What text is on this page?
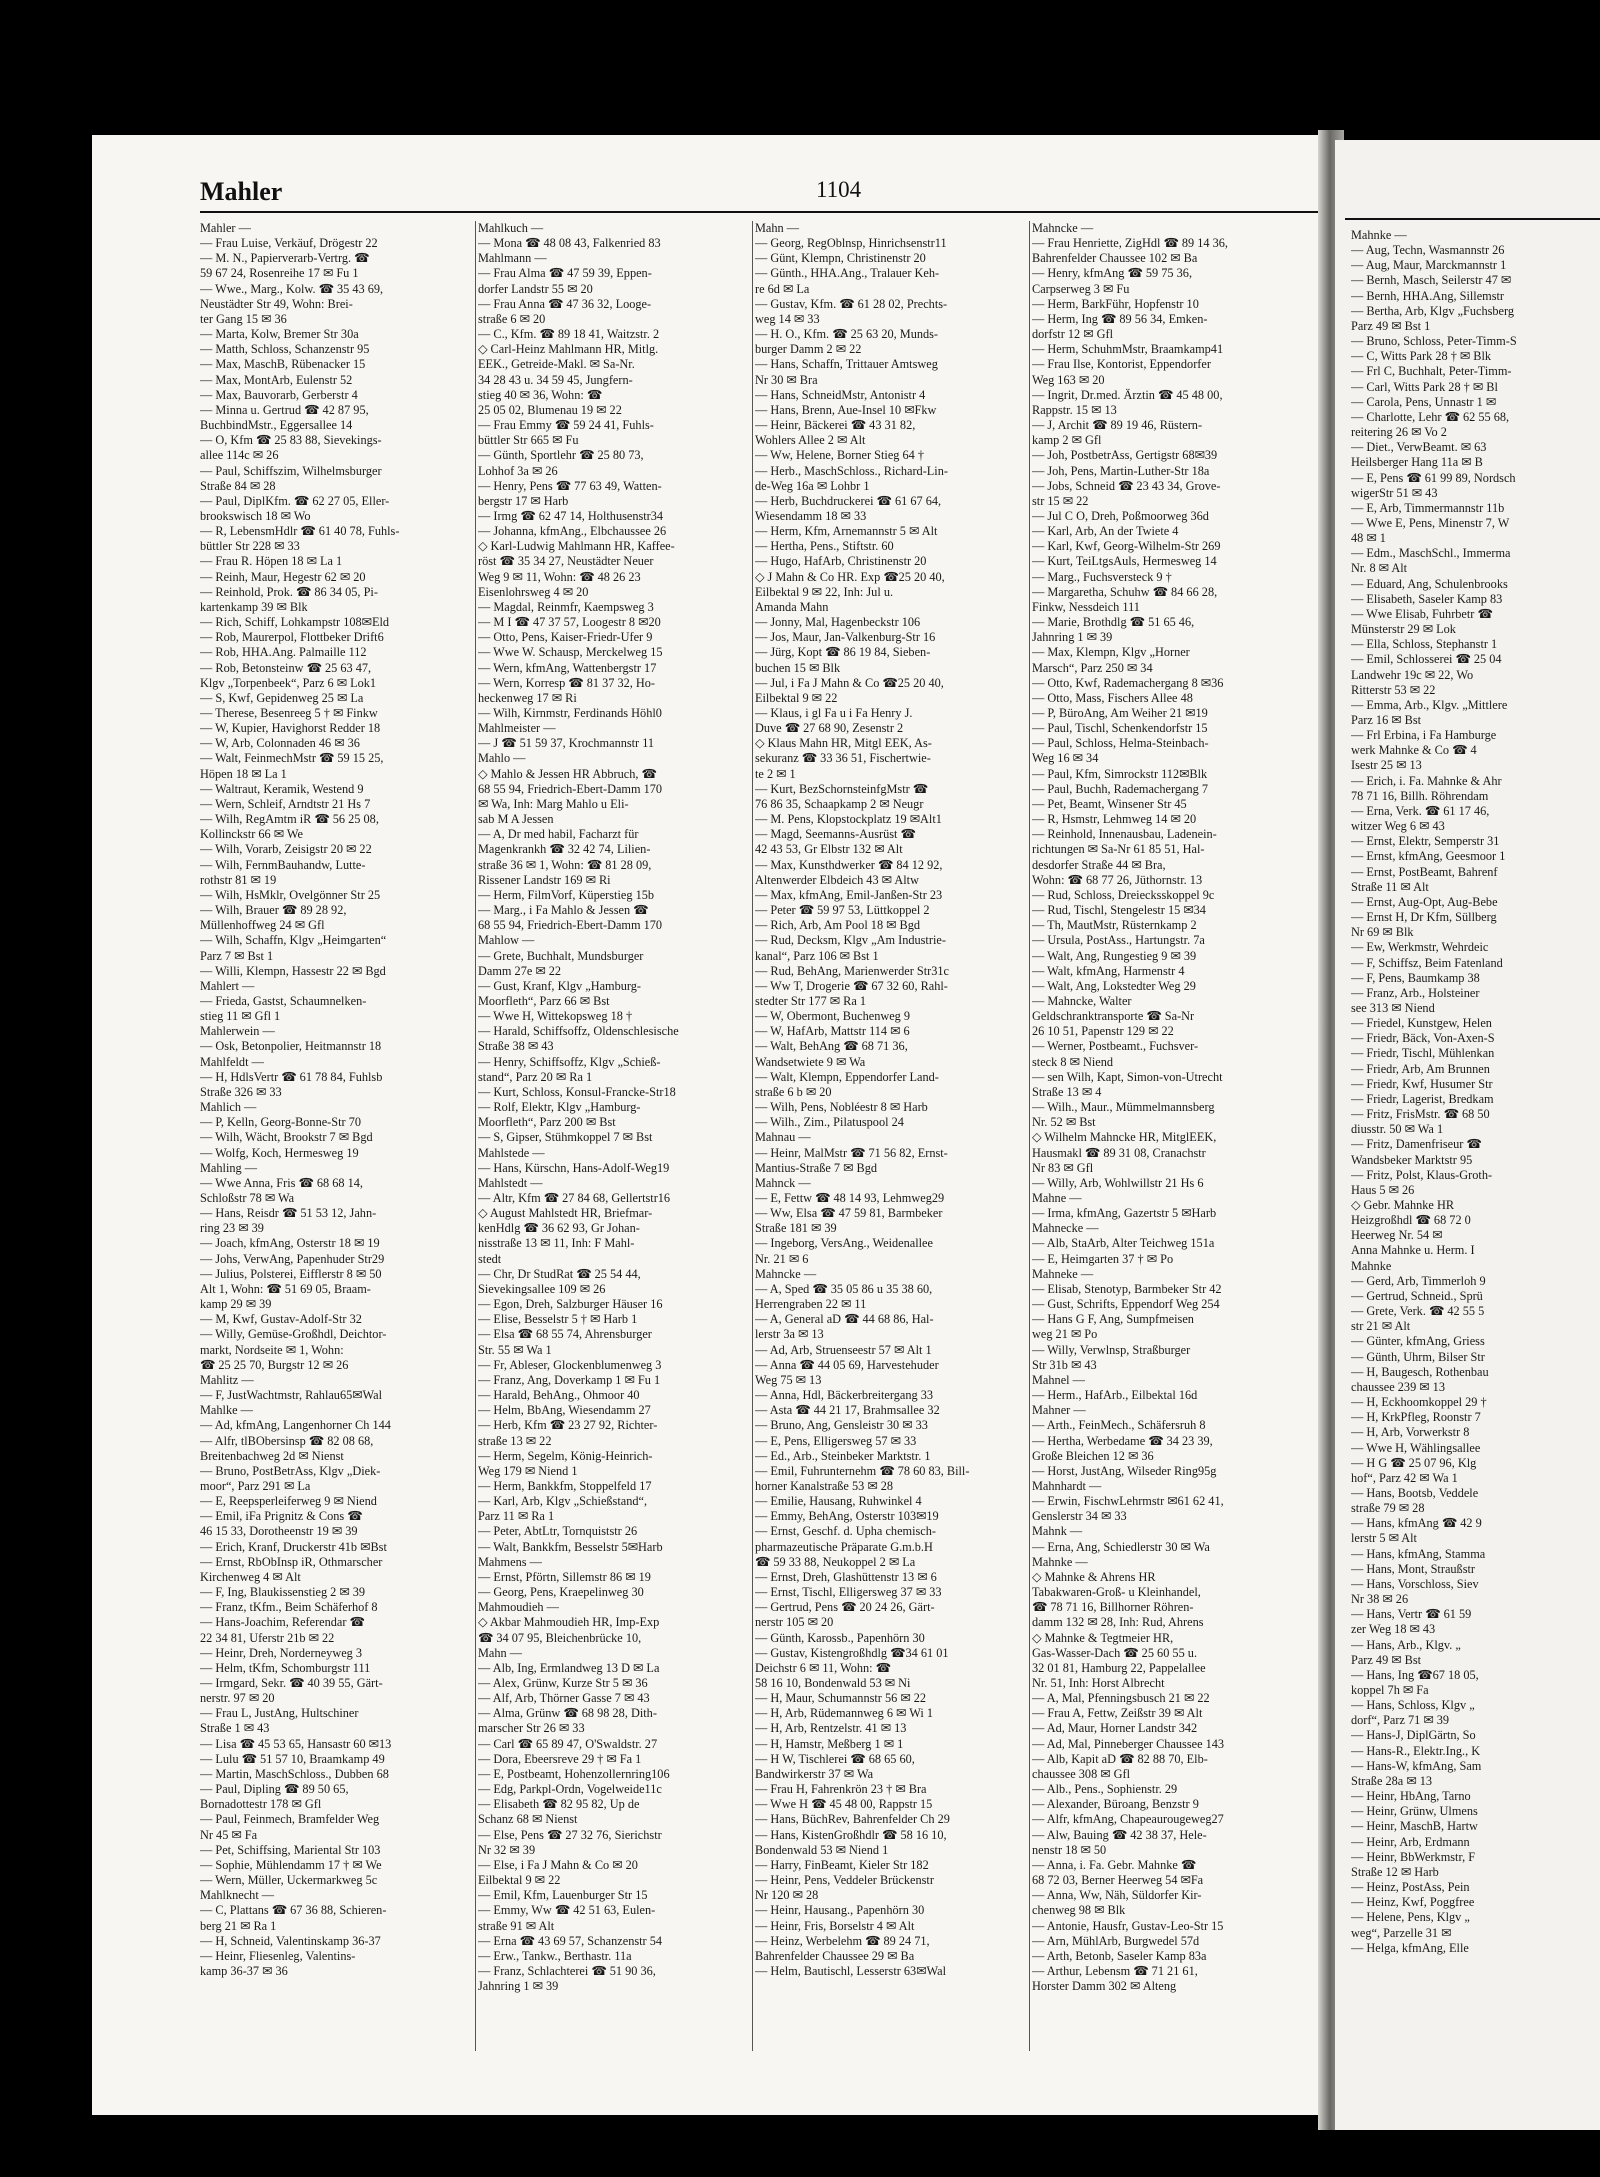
Mahler	1104
Mahler —
— Frau Luise, Verkäuf, Drögestr 22
— M. N., Papierverarb-Vertrg. ☎
59 67 24, Rosenreihe 17 ✉ Fu 1
— Wwe., Marg., Kolw. ☎ 35 43 69,
Neustädter Str 49, Wohn: Brei-
ter Gang 15 ✉ 36
— Marta, Kolw, Bremer Str 30a
— Matth, Schloss, Schanzenstr 95
— Max, MaschB, Rübenacker 15
— Max, MontArb, Eulenstr 52
— Max, Bauvorarb, Gerberstr 4
— Minna u. Gertrud ☎ 42 87 95,
BuchbindMstr., Eggersallee 14
— O, Kfm ☎ 25 83 88, Sievekings-
allee 114c ✉ 26
— Paul, Schiffszim, Wilhelmsburger
Straße 84 ✉ 28
— Paul, DiplKfm. ☎ 62 27 05, Eller-
brookswisch 18 ✉ Wo
— R, LebensmHdlr ☎ 61 40 78, Fuhls-
büttler Str 228 ✉ 33
— Frau R. Höpen 18 ✉ La 1
— Reinh, Maur, Hegestr 62 ✉ 20
— Reinhold, Prok. ☎ 86 34 05, Pi-
kartenkamp 39 ✉ Blk
— Rich, Schiff, Lohkampstr 108✉Eld
— Rob, Maurerpol, Flottbeker Drift6
— Rob, HHA.Ang. Palmaille 112
— Rob, Betonsteinw ☎ 25 63 47,
Klgv „Torpenbeek“, Parz 6 ✉ Lok1
— S, Kwf, Gepidenweg 25 ✉ La
— Therese, Besenreeg 5 † ✉ Finkw
— W, Kupier, Havighorst Redder 18
— W, Arb, Colonnaden 46 ✉ 36
— Walt, FeinmechMstr ☎ 59 15 25,
Höpen 18 ✉ La 1
— Waltraut, Keramik, Westend 9
— Wern, Schleif, Arndtstr 21 Hs 7
— Wilh, RegAmtm iR ☎ 56 25 08,
Kollinckstr 66 ✉ We
— Wilh, Vorarb, Zeisigstr 20 ✉ 22
— Wilh, FernmBauhandw, Lutte-
rothstr 81 ✉ 19
— Wilh, HsMklr, Ovelgönner Str 25
— Wilh, Brauer ☎ 89 28 92,
Müllenhoffweg 24 ✉ Gfl
— Wilh, Schaffn, Klgv „Heimgarten“
Parz 7 ✉ Bst 1
— Willi, Klempn, Hassestr 22 ✉ Bgd
Mahlert —
— Frieda, Gastst, Schaumnelken-
stieg 11 ✉ Gfl 1
Mahlerwein —
— Osk, Betonpolier, Heitmannstr 18
Mahlfeldt —
— H, HdlsVertr ☎ 61 78 84, Fuhlsb
Straße 326 ✉ 33
Mahlich —
— P, Kelln, Georg-Bonne-Str 70
— Wilh, Wächt, Brookstr 7 ✉ Bgd
— Wolfg, Koch, Hermesweg 19
Mahling —
— Wwe Anna, Fris ☎ 68 68 14,
Schloßstr 78 ✉ Wa
— Hans, Reisdr ☎ 51 53 12, Jahn-
ring 23 ✉ 39
— Joach, kfmAng, Osterstr 18 ✉ 19
— Johs, VerwAng, Papenhuder Str29
— Julius, Polsterei, Eifflerstr 8 ✉ 50
Alt 1, Wohn: ☎ 51 69 05, Braam-
kamp 29 ✉ 39
— M, Kwf, Gustav-Adolf-Str 32
— Willy, Gemüse-Großhdl, Deichtor-
markt, Nordseite ✉ 1, Wohn:
☎ 25 25 70, Burgstr 12 ✉ 26
Mahlitz —
— F, JustWachtmstr, Rahlau65✉Wal
Mahlke —
— Ad, kfmAng, Langenhorner Ch 144
— Alfr, tlBObersinsp ☎ 82 08 68,
Breitenbachweg 2d ✉ Nienst
— Bruno, PostBetrAss, Klgv „Diek-
moor“, Parz 291 ✉ La
— E, Reepsperleiferweg 9 ✉ Niend
— Emil, iFa Prignitz & Cons ☎
46 15 33, Dorotheenstr 19 ✉ 39
— Erich, Kranf, Druckerstr 41b ✉Bst
— Ernst, RbObInsp iR, Othmarscher
Kirchenweg 4 ✉ Alt
— F, Ing, Blaukissenstieg 2 ✉ 39
— Franz, tKfm., Beim Schäferhof 8
— Hans-Joachim, Referendar ☎
22 34 81, Uferstr 21b ✉ 22
— Heinr, Dreh, Norderneyweg 3
— Helm, tKfm, Schomburgstr 111
— Irmgard, Sekr. ☎ 40 39 55, Gärt-
nerstr. 97 ✉ 20
— Frau L, JustAng, Hultschiner
Straße 1 ✉ 43
— Lisa ☎ 45 53 65, Hansastr 60 ✉13
— Lulu ☎ 51 57 10, Braamkamp 49
— Martin, MaschSchloss., Dubben 68
— Paul, Dipling ☎ 89 50 65,
Bornadottestr 178 ✉ Gfl
— Paul, Feinmech, Bramfelder Weg
Nr 45 ✉ Fa
— Pet, Schiffsing, Mariental Str 103
— Sophie, Mühlendamm 17 † ✉ We
— Wern, Müller, Uckermarkweg 5c
Mahlknecht —
— C, Plattans ☎ 67 36 88, Schieren-
berg 21 ✉ Ra 1
— H, Schneid, Valentinskamp 36-37
— Heinr, Fliesenleg, Valentins-
kamp 36-37 ✉ 36
Mahlkuch —
— Mona ☎ 48 08 43, Falkenried 83
Mahlmann —
— Frau Alma ☎ 47 59 39, Eppen-
dorfer Landstr 55 ✉ 20
— Frau Anna ☎ 47 36 32, Looge-
straße 6 ✉ 20
— C., Kfm. ☎ 89 18 41, Waitzstr. 2
◇ Carl-Heinz Mahlmann HR, Mitlg.
EEK., Getreide-Makl. ✉ Sa-Nr.
34 28 43 u. 34 59 45, Jungfern-
stieg 40 ✉ 36, Wohn: ☎
25 05 02, Blumenau 19 ✉ 22
— Frau Emmy ☎ 59 24 41, Fuhls-
büttler Str 665 ✉ Fu
— Günth, Sportlehr ☎ 25 80 73,
Lohhof 3a ✉ 26
— Henry, Pens ☎ 77 63 49, Watten-
bergstr 17 ✉ Harb
— Irmg ☎ 62 47 14, Holthusenstr34
— Johanna, kfmAng., Elbchaussee 26
◇ Karl-Ludwig Mahlmann HR, Kaffee-
röst ☎ 35 34 27, Neustädter Neuer
Weg 9 ✉ 11, Wohn: ☎ 48 26 23
Eisenlohrsweg 4 ✉ 20
— Magdal, Reinmfr, Kaempsweg 3
— M I ☎ 47 37 57, Loogestr 8 ✉20
— Otto, Pens, Kaiser-Friedr-Ufer 9
— Wwe W. Schausp, Merckelweg 15
— Wern, kfmAng, Wattenbergstr 17
— Wern, Korresp ☎ 81 37 32, Ho-
heckenweg 17 ✉ Ri
— Wilh, Kirnmstr, Ferdinands Höhl0
Mahlmeister —
— J ☎ 51 59 37, Krochmannstr 11
Mahlo —
◇ Mahlo & Jessen HR Abbruch, ☎
68 55 94, Friedrich-Ebert-Damm 170
✉ Wa, Inh: Marg Mahlo u Eli-
sab M A Jessen
— A, Dr med habil, Facharzt für
Magenkrankh ☎ 32 42 74, Lilien-
straße 36 ✉ 1, Wohn: ☎ 81 28 09,
Rissener Landstr 169 ✉ Ri
— Herm, FilmVorf, Küperstieg 15b
— Marg., i Fa Mahlo & Jessen ☎
68 55 94, Friedrich-Ebert-Damm 170
Mahlow —
— Grete, Buchhalt, Mundsburger
Damm 27e ✉ 22
— Gust, Kranf, Klgv „Hamburg-
Moorfleth“, Parz 66 ✉ Bst
— Wwe H, Wittekopsweg 18 †
— Harald, Schiffsoffz, Oldenschlesische
Straße 38 ✉ 43
— Henry, Schiffsoffz, Klgv „Schieß-
stand“, Parz 20 ✉ Ra 1
— Kurt, Schloss, Konsul-Francke-Str18
— Rolf, Elektr, Klgv „Hamburg-
Moorfleth“, Parz 200 ✉ Bst
— S, Gipser, Stühmkoppel 7 ✉ Bst
Mahlstede —
— Hans, Kürschn, Hans-Adolf-Weg19
Mahlstedt —
— Altr, Kfm ☎ 27 84 68, Gellertstr16
◇ August Mahlstedt HR, Briefmar-
kenHdlg ☎ 36 62 93, Gr Johan-
nisstraße 13 ✉ 11, Inh: F Mahl-
stedt
— Chr, Dr StudRat ☎ 25 54 44,
Sievekingsallee 109 ✉ 26
— Egon, Dreh, Salzburger Häuser 16
— Elise, Besselstr 5 † ✉ Harb 1
— Elsa ☎ 68 55 74, Ahrensburger
Str. 55 ✉ Wa 1
— Fr, Ableser, Glockenblumenweg 3
— Franz, Ang, Doverkamp 1 ✉ Fu 1
— Harald, BehAng., Ohmoor 40
— Helm, BbAng, Wiesendamm 27
— Herb, Kfm ☎ 23 27 92, Richter-
straße 13 ✉ 22
— Herm, Segelm, König-Heinrich-
Weg 179 ✉ Niend 1
— Herm, Bankkfm, Stoppelfeld 17
— Karl, Arb, Klgv „Schießstand“,
Parz 11 ✉ Ra 1
— Peter, AbtLtr, Tornquiststr 26
— Walt, Bankkfm, Besselstr 5✉Harb
Mahmens —
— Ernst, Pförtn, Sillemstr 86 ✉ 19
— Georg, Pens, Kraepelinweg 30
Mahmoudieh —
◇ Akbar Mahmoudieh HR, Imp-Exp
☎ 34 07 95, Bleichenbrücke 10,
Mahn —
— Alb, Ing, Ermlandweg 13 D ✉ La
— Alex, Grünw, Kurze Str 5 ✉ 36
— Alf, Arb, Thörner Gasse 7 ✉ 43
— Alma, Grünw ☎ 68 98 28, Dith-
marscher Str 26 ✉ 33
— Carl ☎ 65 89 47, O'Swaldstr. 27
— Dora, Ebeersreve 29 † ✉ Fa 1
— E, Postbeamt, Hohenzollernring106
— Edg, Parkpl-Ordn, Vogelweide11c
— Elisabeth ☎ 82 95 82, Up de
Schanz 68 ✉ Nienst
— Else, Pens ☎ 27 32 76, Sierichstr
Nr 32 ✉ 39
— Else, i Fa J Mahn & Co ✉ 20
Eilbektal 9 ✉ 22
— Emil, Kfm, Lauenburger Str 15
— Emmy, Ww ☎ 42 51 63, Eulen-
straße 91 ✉ Alt
— Erna ☎ 43 69 57, Schanzenstr 54
— Erw., Tankw., Berthastr. 11a
— Franz, Schlachterei ☎ 51 90 36,
Jahnring 1 ✉ 39
Mahn —
— Georg, RegOblnsp, Hinrichsenstr11
— Günt, Klempn, Christinenstr 20
— Günth., HHA.Ang., Tralauer Keh-
re 6d ✉ La
— Gustav, Kfm. ☎ 61 28 02, Prechts-
weg 14 ✉ 33
— H. O., Kfm. ☎ 25 63 20, Munds-
burger Damm 2 ✉ 22
— Hans, Schaffn, Trittauer Amtsweg
Nr 30 ✉ Bra
— Hans, SchneidMstr, Antonistr 4
— Hans, Brenn, Aue-Insel 10 ✉Fkw
— Heinr, Bäckerei ☎ 43 31 82,
Wohlers Allee 2 ✉ Alt
— Ww, Helene, Borner Stieg 64 †
— Herb., MaschSchloss., Richard-Lin-
de-Weg 16a ✉ Lohbr 1
— Herb, Buchdruckerei ☎ 61 67 64,
Wiesendamm 18 ✉ 33
— Herm, Kfm, Arnemannstr 5 ✉ Alt
— Hertha, Pens., Stiftstr. 60
— Hugo, HafArb, Christinenstr 20
◇ J Mahn & Co HR. Exp ☎25 20 40,
Eilbektal 9 ✉ 22, Inh: Jul u.
Amanda Mahn
— Jonny, Mal, Hagenbeckstr 106
— Jos, Maur, Jan-Valkenburg-Str 16
— Jürg, Kopt ☎ 86 19 84, Sieben-
buchen 15 ✉ Blk
— Jul, i Fa J Mahn & Co ☎25 20 40,
Eilbektal 9 ✉ 22
— Klaus, i gl Fa u i Fa Henry J.
Duve ☎ 27 68 90, Zesenstr 2
◇ Klaus Mahn HR, Mitgl EEK, As-
sekuranz ☎ 33 36 51, Fischertwie-
te 2 ✉ 1
— Kurt, BezSchornsteinfgMstr ☎
76 86 35, Schaapkamp 2 ✉ Neugr
— M. Pens, Klopstockplatz 19 ✉Alt1
— Magd, Seemanns-Ausrüst ☎
42 43 53, Gr Elbstr 132 ✉ Alt
— Max, Kunsthdwerker ☎ 84 12 92,
Altenwerder Elbdeich 43 ✉ Altw
— Max, kfmAng, Emil-Janßen-Str 23
— Peter ☎ 59 97 53, Lüttkoppel 2
— Rich, Arb, Am Pool 18 ✉ Bgd
— Rud, Decksm, Klgv „Am Industrie-
kanal“, Parz 106 ✉ Bst 1
— Rud, BehAng, Marienwerder Str31c
— Ww T, Drogerie ☎ 67 32 60, Rahl-
stedter Str 177 ✉ Ra 1
— W, Obermont, Buchenweg 9
— W, HafArb, Mattstr 114 ✉ 6
— Walt, BehAng ☎ 68 71 36,
Wandsetwiete 9 ✉ Wa
— Walt, Klempn, Eppendorfer Land-
straße 6 b ✉ 20
— Wilh, Pens, Nobléestr 8 ✉ Harb
— Wilh., Zim., Pilatuspool 24
Mahnau —
— Heinr, MalMstr ☎ 71 56 82, Ernst-
Mantius-Straße 7 ✉ Bgd
Mahnck —
— E, Fettw ☎ 48 14 93, Lehmweg29
— Ww, Elsa ☎ 47 59 81, Barmbeker
Straße 181 ✉ 39
— Ingeborg, VersAng., Weidenallee
Nr. 21 ✉ 6
Mahncke —
— A, Sped ☎ 35 05 86 u 35 38 60,
Herrengraben 22 ✉ 11
— A, General aD ☎ 44 68 86, Hal-
lerstr 3a ✉ 13
— Ad, Arb, Struenseestr 57 ✉ Alt 1
— Anna ☎ 44 05 69, Harvestehuder
Weg 75 ✉ 13
— Anna, Hdl, Bäckerbreitergang 33
— Asta ☎ 44 21 17, Brahmsallee 32
— Bruno, Ang, Gensleistr 30 ✉ 33
— E, Pens, Elligersweg 57 ✉ 33
— Ed., Arb., Steinbeker Marktstr. 1
— Emil, Fuhrunternehm ☎ 78 60 83, Bill-
horner Kanalstraße 53 ✉ 28
— Emilie, Hausang, Ruhwinkel 4
— Emmy, BehAng, Osterstr 103✉19
— Ernst, Geschf. d. Upha chemisch-
pharmazeutische Präparate G.m.b.H
☎ 59 33 88, Neukoppel 2 ✉ La
— Ernst, Dreh, Glashüttenstr 13 ✉ 6
— Ernst, Tischl, Elligersweg 37 ✉ 33
— Gertrud, Pens ☎ 20 24 26, Gärt-
nerstr 105 ✉ 20
— Günth, Karossb., Papenhörn 30
— Gustav, Kistengroßhdlg ☎34 61 01
Deichstr 6 ✉ 11, Wohn: ☎
58 16 10, Bondenwald 53 ✉ Ni
— H, Maur, Schumannstr 56 ✉ 22
— H, Arb, Rüdemannweg 6 ✉ Wi 1
— H, Arb, Rentzelstr. 41 ✉ 13
— H, Hamstr, Meßberg 1 ✉ 1
— H W, Tischlerei ☎ 68 65 60,
Bandwirkerstr 37 ✉ Wa
— Frau H, Fahrenkrön 23 † ✉ Bra
— Wwe H ☎ 45 48 00, Rappstr 15
— Hans, BüchRev, Bahrenfelder Ch 29
— Hans, KistenGroßhdlr ☎ 58 16 10,
Bondenwald 53 ✉ Niend 1
— Harry, FinBeamt, Kieler Str 182
— Heinr, Pens, Veddeler Brückenstr
Nr 120 ✉ 28
— Heinr, Hausang., Papenhörn 30
— Heinr, Fris, Borselstr 4 ✉ Alt
— Heinz, Werbelehm ☎ 89 24 71,
Bahrenfelder Chaussee 29 ✉ Ba
— Helm, Bautischl, Lesserstr 63✉Wal
Mahncke —
— Frau Henriette, ZigHdl ☎ 89 14 36,
Bahrenfelder Chaussee 102 ✉ Ba
— Henry, kfmAng ☎ 59 75 36,
Carpserweg 3 ✉ Fu
— Herm, BarkFühr, Hopfenstr 10
— Herm, Ing ☎ 89 56 34, Emken-
dorfstr 12 ✉ Gfl
— Herm, SchuhmMstr, Braamkamp41
— Frau Ilse, Kontorist, Eppendorfer
Weg 163 ✉ 20
— Ingrit, Dr.med. Ärztin ☎ 45 48 00,
Rappstr. 15 ✉ 13
— J, Archit ☎ 89 19 46, Rüstern-
kamp 2 ✉ Gfl
— Joh, PostbetrAss, Gertigstr 68✉39
— Joh, Pens, Martin-Luther-Str 18a
— Jobs, Schneid ☎ 23 43 34, Grove-
str 15 ✉ 22
— Jul C O, Dreh, Poßmoorweg 36d
— Karl, Arb, An der Twiete 4
— Karl, Kwf, Georg-Wilhelm-Str 269
— Kurt, TeiLtgsAuls, Hermesweg 14
— Marg., Fuchsversteck 9 †
— Margaretha, Schuhw ☎ 84 66 28,
Finkw, Nessdeich 111
— Marie, Brothdlg ☎ 51 65 46,
Jahnring 1 ✉ 39
— Max, Klempn, Klgv „Horner
Marsch“, Parz 250 ✉ 34
— Otto, Kwf, Rademachergang 8 ✉36
— Otto, Mass, Fischers Allee 48
— P, BüroAng, Am Weiher 21 ✉19
— Paul, Tischl, Schenkendorfstr 15
— Paul, Schloss, Helma-Steinbach-
Weg 16 ✉ 34
— Paul, Kfm, Simrockstr 112✉Blk
— Paul, Buchh, Rademachergang 7
— Pet, Beamt, Winsener Str 45
— R, Hsmstr, Lehmweg 14 ✉ 20
— Reinhold, Innenausbau, Ladenein-
richtungen ✉ Sa-Nr 61 85 51, Hal-
desdorfer Straße 44 ✉ Bra,
Wohn: ☎ 68 77 26, Jüthornstr. 13
— Rud, Schloss, Dreiecksskoppel 9c
— Rud, Tischl, Stengelestr 15 ✉34
— Th, MautMstr, Rüsternkamp 2
— Ursula, PostAss., Hartungstr. 7a
— Walt, Ang, Rungestieg 9 ✉ 39
— Walt, kfmAng, Harmenstr 4
— Walt, Ang, Lokstedter Weg 29
— Mahncke, Walter
Geldschranktransporte ☎ Sa-Nr
26 10 51, Papenstr 129 ✉ 22
— Werner, Postbeamt., Fuchsver-
steck 8 ✉ Niend
— sen Wilh, Kapt, Simon-von-Utrecht
Straße 13 ✉ 4
— Wilh., Maur., Mümmelmannsberg
Nr. 52 ✉ Bst
◇ Wilhelm Mahncke HR, MitglEEK,
Hausmakl ☎ 89 31 08, Cranachstr
Nr 83 ✉ Gfl
— Willy, Arb, Wohlwillstr 21 Hs 6
Mahne —
— Irma, kfmAng, Gazertstr 5 ✉Harb
Mahnecke —
— Alb, StaArb, Alter Teichweg 151a
— E, Heimgarten 37 † ✉ Po
Mahneke —
— Elisab, Stenotyp, Barmbeker Str 42
— Gust, Schrifts, Eppendorf Weg 254
— Hans G F, Ang, Sumpfmeisen
weg 21 ✉ Po
— Willy, Verwlnsp, Straßburger
Str 31b ✉ 43
Mahnel —
— Herm., HafArb., Eilbektal 16d
Mahner —
— Arth., FeinMech., Schäfersruh 8
— Hertha, Werbedame ☎ 34 23 39,
Große Bleichen 12 ✉ 36
— Horst, JustAng, Wilseder Ring95g
Mahnhardt —
— Erwin, FischwLehrmstr ✉61 62 41,
Genslerstr 34 ✉ 33
Mahnk —
— Erna, Ang, Schiedlerstr 30 ✉ Wa
Mahnke —
◇ Mahnke & Ahrens HR
Tabakwaren-Groß- u Kleinhandel,
☎ 78 71 16, Billhorner Röhren-
damm 132 ✉ 28, Inh: Rud, Ahrens
◇ Mahnke & Tegtmeier HR,
Gas-Wasser-Dach ☎ 25 60 55 u.
32 01 81, Hamburg 22, Pappelallee
Nr. 51, Inh: Horst Albrecht
— A, Mal, Pfenningsbusch 21 ✉ 22
— Frau A, Fettw, Zeißstr 39 ✉ Alt
— Ad, Maur, Horner Landstr 342
— Ad, Mal, Pinneberger Chaussee 143
— Alb, Kapit aD ☎ 82 88 70, Elb-
chaussee 308 ✉ Gfl
— Alb., Pens., Sophienstr. 29
— Alexander, Büroang, Benzstr 9
— Alfr, kfmAng, Chapeaurougeweg27
— Alw, Bauing ☎ 42 38 37, Hele-
nenstr 18 ✉ 50
— Anna, i. Fa. Gebr. Mahnke ☎
68 72 03, Berner Heerweg 54 ✉Fa
— Anna, Ww, Näh, Süldorfer Kir-
chenweg 98 ✉ Blk
— Antonie, Hausfr, Gustav-Leo-Str 15
— Arn, MühlArb, Burgwedel 57d
— Arth, Betonb, Saseler Kamp 83a
— Arthur, Lebensm ☎ 71 21 61,
Horster Damm 302 ✉ Alteng
Mahnke —
— Aug, Techn, Wasmannstr 26
— Aug, Maur, Marckmannstr 1
— Bernh, Masch, Seilerstr 47 ✉
— Bernh, HHA.Ang, Sillemstr
— Bertha, Arb, Klgv „Fuchsberg
Parz 49 ✉ Bst 1
— Bruno, Schloss, Peter-Timm-S
— C, Witts Park 28 † ✉ Blk
— Frl C, Buchhalt, Peter-Timm-
— Carl, Witts Park 28 † ✉ Bl
— Carola, Pens, Unnastr 1 ✉
— Charlotte, Lehr ☎ 62 55 68,
reitering 26 ✉ Vo 2
— Diet., VerwBeamt. ✉ 63
Heilsberger Hang 11a ✉ B
— E, Pens ☎ 61 99 89, Nordsch
wigerStr 51 ✉ 43
— E, Arb, Timmermannstr 11b
— Wwe E, Pens, Minenstr 7, W
48 ✉ 1
— Edm., MaschSchl., Immerma
Nr. 8 ✉ Alt
— Eduard, Ang, Schulenbrooks
— Elisabeth, Saseler Kamp 83
— Wwe Elisab, Fuhrbetr ☎
Münsterstr 29 ✉ Lok
— Ella, Schloss, Stephanstr 1
— Emil, Schlosserei ☎ 25 04
Landwehr 19c ✉ 22, Wo
Ritterstr 53 ✉ 22
— Emma, Arb., Klgv. „Mittlere
Parz 16 ✉ Bst
— Frl Erbina, i Fa Hamburge
werk Mahnke & Co ☎ 4
Isestr 25 ✉ 13
— Erich, i. Fa. Mahnke & Ahr
78 71 16, Billh. Röhrendam
— Erna, Verk. ☎ 61 17 46,
witzer Weg 6 ✉ 43
— Ernst, Elektr, Semperstr 31
— Ernst, kfmAng, Geesmoor 1
— Ernst, PostBeamt, Bahrenf
Straße 11 ✉ Alt
— Ernst, Aug-Opt, Aug-Bebe
— Ernst H, Dr Kfm, Süllberg
Nr 69 ✉ Blk
— Ew, Werkmstr, Wehrdeic
— F, Schiffsz, Beim Fatenland
— F, Pens, Baumkamp 38
— Franz, Arb., Holsteiner
see 313 ✉ Niend
— Friedel, Kunstgew, Helen
— Friedr, Bäck, Von-Axen-S
— Friedr, Tischl, Mühlenkan
— Friedr, Arb, Am Brunnen
— Friedr, Kwf, Husumer Str
— Friedr, Lagerist, Bredkam
— Fritz, FrisMstr. ☎ 68 50
diusstr. 50 ✉ Wa 1
— Fritz, Damenfriseur ☎
Wandsbeker Marktstr 95
— Fritz, Polst, Klaus-Groth-
Haus 5 ✉ 26
◇ Gebr. Mahnke HR
Heizgroßhdl ☎ 68 72 0
Heerweg Nr. 54 ✉
Anna Mahnke u. Herm. I
Mahnke
— Gerd, Arb, Timmerloh 9
— Gertrud, Schneid., Sprü
— Grete, Verk. ☎ 42 55 5
str 21 ✉ Alt
— Günter, kfmAng, Griess
— Günth, Uhrm, Bilser Str
— H, Baugesch, Rothenbau
chaussee 239 ✉ 13
— H, Eckhoomkoppel 29 †
— H, KrkPfleg, Roonstr 7
— H, Arb, Vorwerkstr 8
— Wwe H, Wählingsallee
— H G ☎ 25 07 96, Klg
hof“, Parz 42 ✉ Wa 1
— Hans, Bootsb, Veddele
straße 79 ✉ 28
— Hans, kfmAng ☎ 42 9
lerstr 5 ✉ Alt
— Hans, kfmAng, Stamma
— Hans, Mont, Straußstr
— Hans, Vorschloss, Siev
Nr 38 ✉ 26
— Hans, Vertr ☎ 61 59
zer Weg 18 ✉ 43
— Hans, Arb., Klgv. „
Parz 49 ✉ Bst
— Hans, Ing ☎67 18 05,
koppel 7h ✉ Fa
— Hans, Schloss, Klgv „
dorf“, Parz 71 ✉ 39
— Hans-J, DiplGärtn, So
— Hans-R., Elektr.Ing., K
— Hans-W, kfmAng, Sam
Straße 28a ✉ 13
— Heinr, HbAng, Tarno
— Heinr, Grünw, Ulmens
— Heinr, MaschB, Hartw
— Heinr, Arb, Erdmann
— Heinr, BbWerkmstr, F
Straße 12 ✉ Harb
— Heinz, PostAss, Pein
— Heinz, Kwf, Poggfree
— Helene, Pens, Klgv „
weg“, Parzelle 31 ✉
— Helga, kfmAng, Elle
